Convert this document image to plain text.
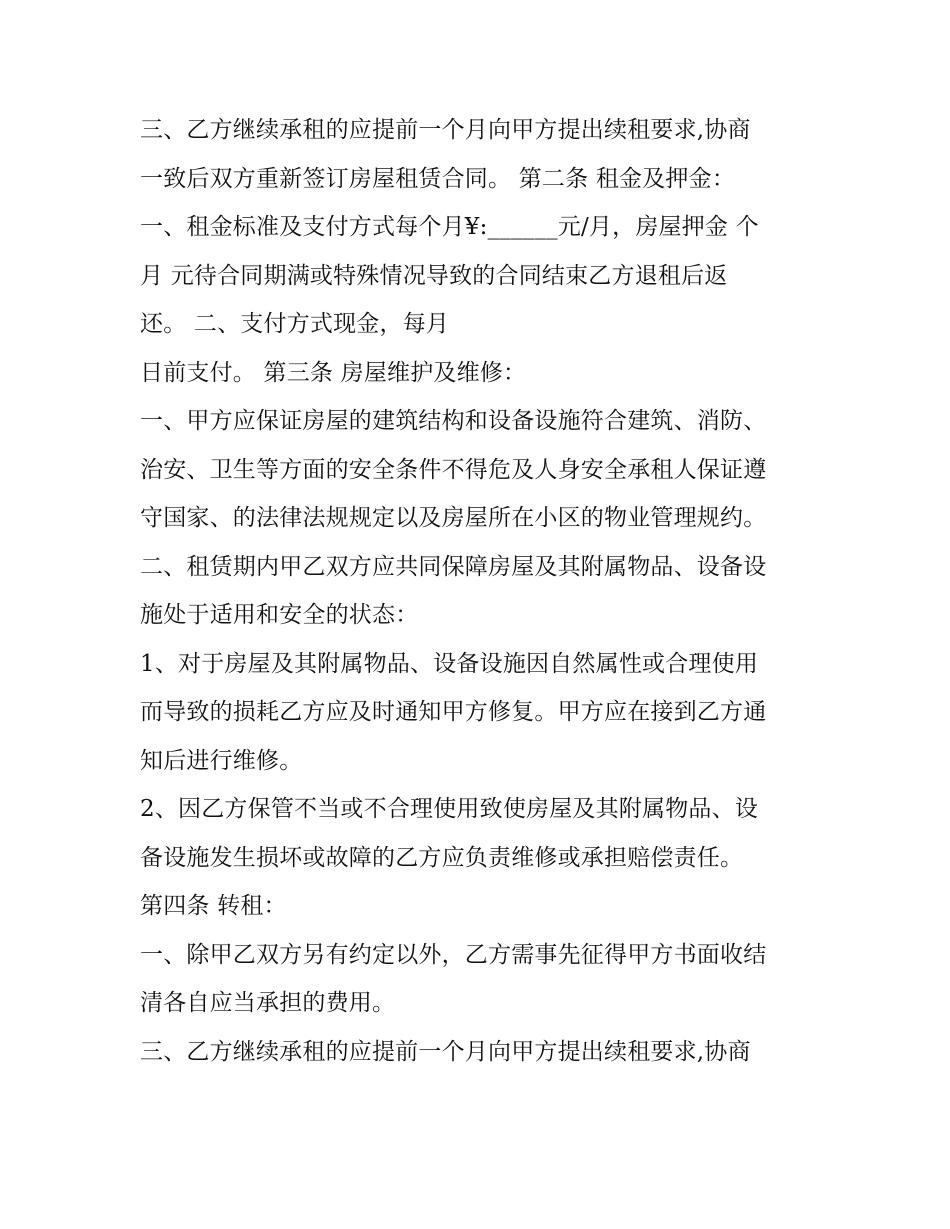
三、乙方继续承租的应提前一个月向甲方提出续租要求,协商
一致后双方重新签订房屋租赁合同。 第二条 租金及押金：
一、租金标准及支付方式每个月¥:______元/月，房屋押金 个
月 元待合同期满或特殊情况导致的合同结束乙方退租后返
还。 二、支付方式现金，每月
日前支付。 第三条 房屋维护及维修：
一、甲方应保证房屋的建筑结构和设备设施符合建筑、消防、
治安、卫生等方面的安全条件不得危及人身安全承租人保证遵
守国家、的法律法规规定以及房屋所在小区的物业管理规约。
二、租赁期内甲乙双方应共同保障房屋及其附属物品、设备设
施处于适用和安全的状态：
1、对于房屋及其附属物品、设备设施因自然属性或合理使用
而导致的损耗乙方应及时通知甲方修复。甲方应在接到乙方通
知后进行维修。
2、因乙方保管不当或不合理使用致使房屋及其附属物品、设
备设施发生损坏或故障的乙方应负责维修或承担赔偿责任。
第四条 转租：
一、除甲乙双方另有约定以外，乙方需事先征得甲方书面收结
清各自应当承担的费用。
三、乙方继续承租的应提前一个月向甲方提出续租要求,协商
